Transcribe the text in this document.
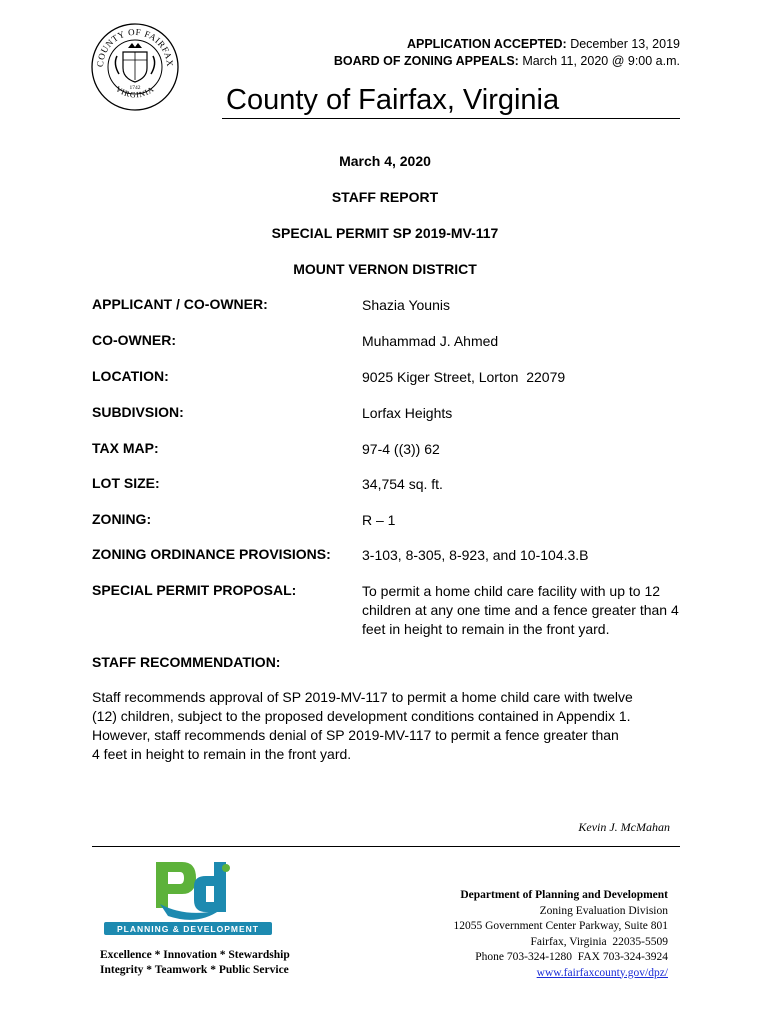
COUNTY OF FAIRFAX
VIRGINIA
1742
APPLICATION ACCEPTED: December 13, 2019
BOARD OF ZONING APPEALS: March 11, 2020 @ 9:00 a.m.
County of Fairfax, Virginia
March 4, 2020
STAFF REPORT
SPECIAL PERMIT SP 2019-MV-117
MOUNT VERNON DISTRICT
APPLICANT / CO-OWNER:	Shazia Younis
CO-OWNER:	Muhammad J. Ahmed
LOCATION:	9025 Kiger Street, Lorton  22079
SUBDIVSION:	Lorfax Heights
TAX MAP:	97-4 ((3)) 62
LOT SIZE:	34,754 sq. ft.
ZONING:	R – 1
ZONING ORDINANCE PROVISIONS: 3-103, 8-305, 8-923, and 10-104.3.B
SPECIAL PERMIT PROPOSAL:	To permit a home child care facility with up to 12 children at any one time and a fence greater than 4 feet in height to remain in the front yard.
STAFF RECOMMENDATION:
Staff recommends approval of SP 2019-MV-117 to permit a home child care with twelve
(12) children, subject to the proposed development conditions contained in Appendix 1.
However, staff recommends denial of SP 2019-MV-117 to permit a fence greater than
4 feet in height to remain in the front yard.
Kevin J. McMahan
PLANNING & DEVELOPMENT
Excellence * Innovation * Stewardship
Integrity * Teamwork * Public Service
Department of Planning and Development
Zoning Evaluation Division
12055 Government Center Parkway, Suite 801
Fairfax, Virginia  22035-5509
Phone 703-324-1280  FAX 703-324-3924
www.fairfaxcounty.gov/dpz/
